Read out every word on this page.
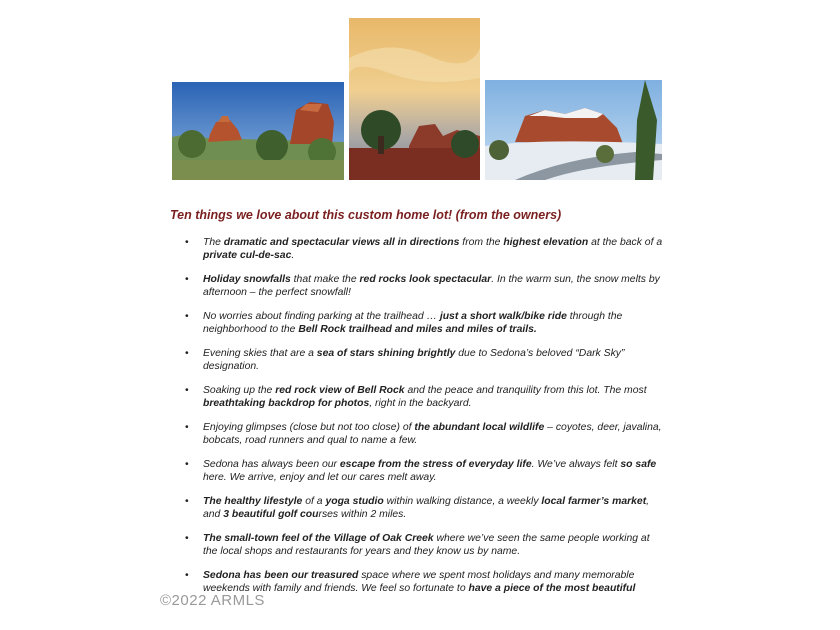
Ten things we love about this custom home lot! (from the owners)
• The dramatic and spectacular views all in directions from the highest elevation at the back of a private cul-de-sac.
• Holiday snowfalls that make the red rocks look spectacular. In the warm sun, the snow melts by afternoon – the perfect snowfall!
• No worries about finding parking at the trailhead … just a short walk/bike ride through the neighborhood to the Bell Rock trailhead and miles and miles of trails.
• Evening skies that are a sea of stars shining brightly due to Sedona’s beloved “Dark Sky” designation.
• Soaking up the red rock view of Bell Rock and the peace and tranquility from this lot. The most breathtaking backdrop for photos, right in the backyard.
• Enjoying glimpses (close but not too close) of the abundant local wildlife – coyotes, deer, javalina, bobcats, road runners and qual to name a few.
• Sedona has always been our escape from the stress of everyday life. We’ve always felt so safe here. We arrive, enjoy and let our cares melt away.
• The healthy lifestyle of a yoga studio within walking distance, a weekly local farmer’s market, and 3 beautiful golf courses within 2 miles.
• The small-town feel of the Village of Oak Creek where we’ve seen the same people working at the local shops and restaurants for years and they know us by name.
• Sedona has been our treasured space where we spent most holidays and many memorable weekends with family and friends. We feel so fortunate to have a piece of the most beautiful
©2022 ARMLS
